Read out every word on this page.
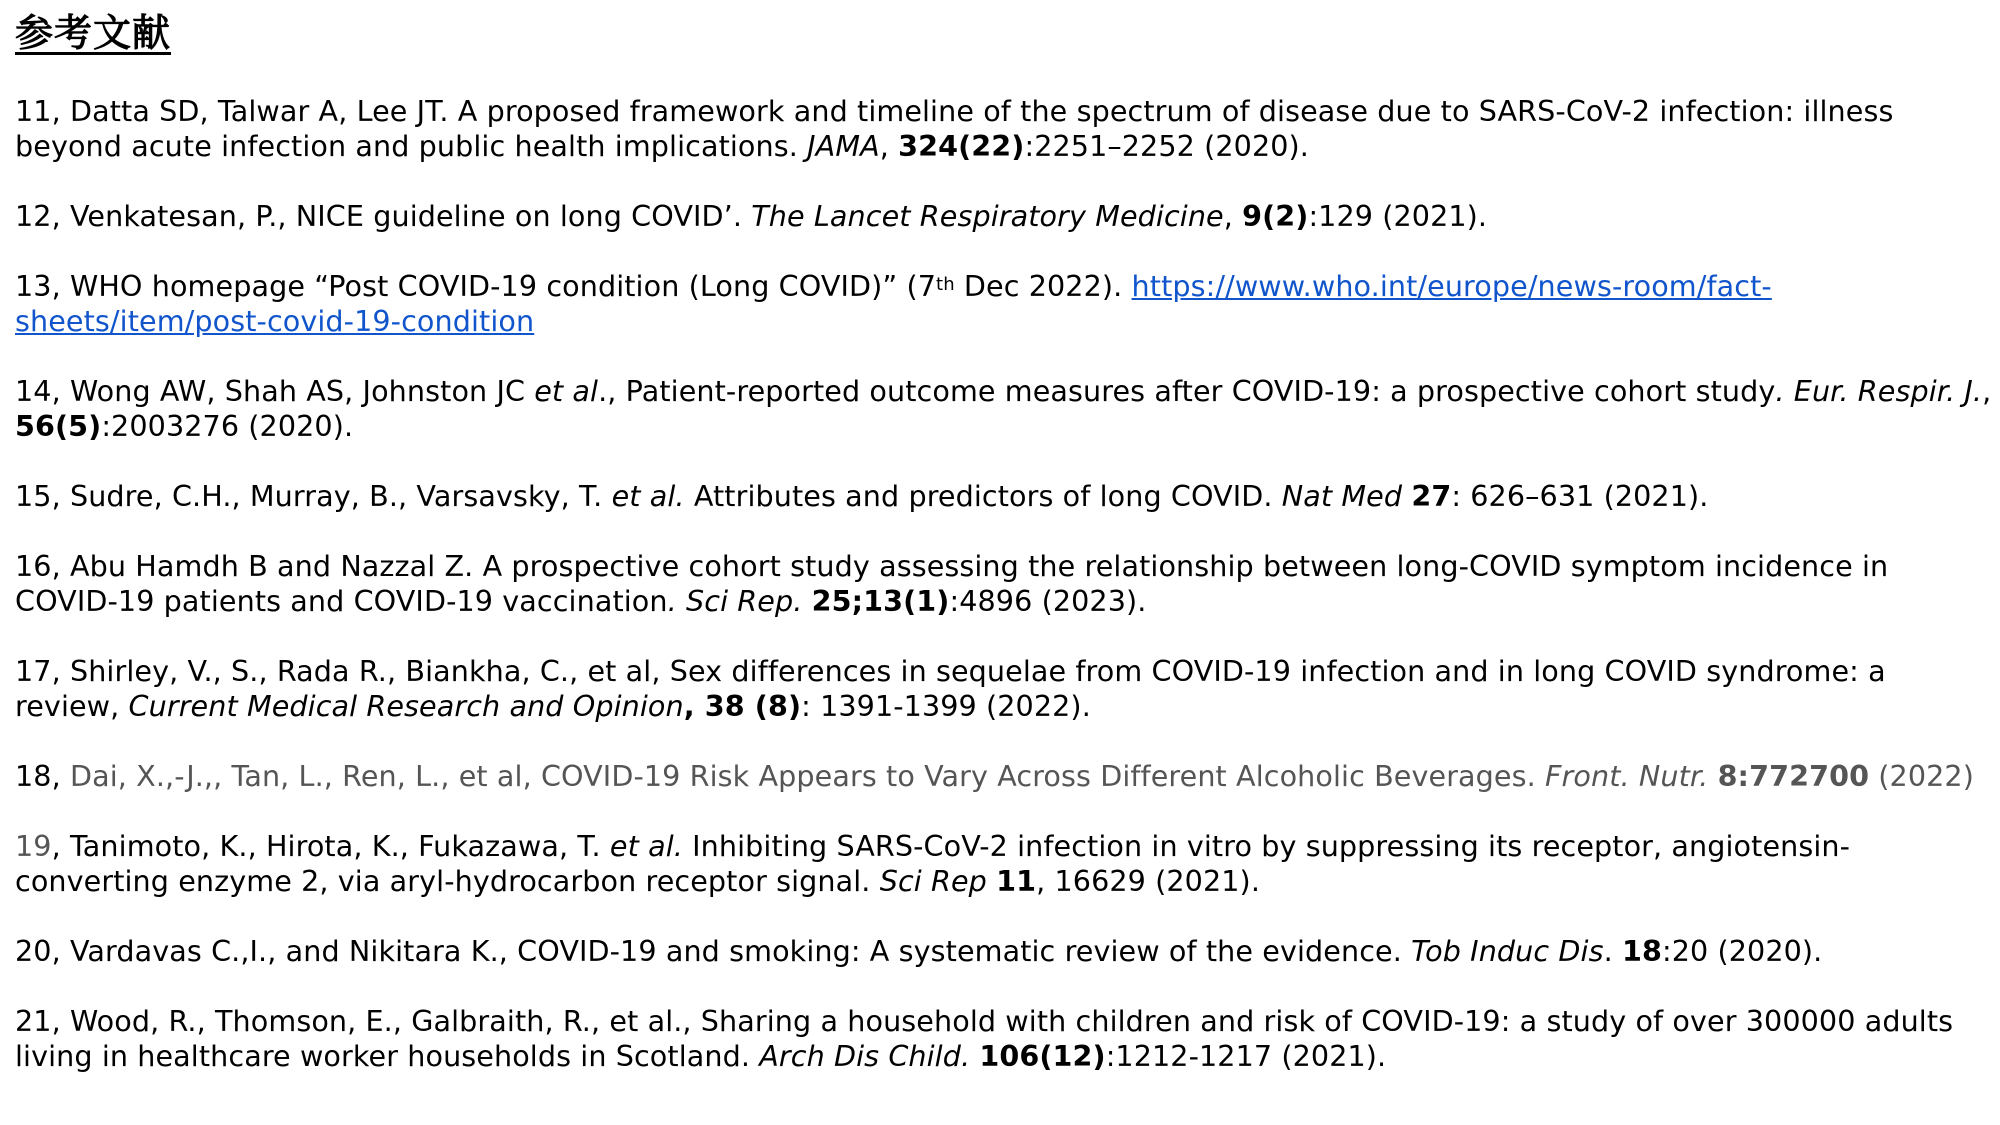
参考文献
11, Datta SD, Talwar A, Lee JT. A proposed framework and timeline of the spectrum of disease due to SARS-CoV-2 infection: illness beyond acute infection and public health implications. JAMA, 324(22):2251–2252 (2020).
12, Venkatesan, P., NICE guideline on long COVID’. The Lancet Respiratory Medicine, 9(2):129 (2021).
13, WHO homepage “Post COVID-19 condition (Long COVID)” (7th Dec 2022). https://www.who.int/europe/news-room/fact-sheets/item/post-covid-19-condition
14, Wong AW, Shah AS, Johnston JC et al., Patient-reported outcome measures after COVID-19: a prospective cohort study. Eur. Respir. J., 56(5):2003276 (2020).
15, Sudre, C.H., Murray, B., Varsavsky, T. et al. Attributes and predictors of long COVID. Nat Med 27: 626–631 (2021).
16, Abu Hamdh B and Nazzal Z. A prospective cohort study assessing the relationship between long-COVID symptom incidence in COVID-19 patients and COVID-19 vaccination. Sci Rep. 25;13(1):4896 (2023).
17, Shirley, V., S., Rada R., Biankha, C., et al, Sex differences in sequelae from COVID-19 infection and in long COVID syndrome: a review, Current Medical Research and Opinion, 38 (8): 1391-1399 (2022).
18, Dai, X.,-J.,, Tan, L., Ren, L., et al, COVID-19 Risk Appears to Vary Across Different Alcoholic Beverages. Front. Nutr. 8:772700 (2022)
19, Tanimoto, K., Hirota, K., Fukazawa, T. et al. Inhibiting SARS-CoV-2 infection in vitro by suppressing its receptor, angiotensin-converting enzyme 2, via aryl-hydrocarbon receptor signal. Sci Rep 11, 16629 (2021).
20, Vardavas C.,I., and Nikitara K., COVID-19 and smoking: A systematic review of the evidence. Tob Induc Dis. 18:20 (2020).
21, Wood, R., Thomson, E., Galbraith, R., et al., Sharing a household with children and risk of COVID-19: a study of over 300000 adults living in healthcare worker households in Scotland. Arch Dis Child. 106(12):1212-1217 (2021).
